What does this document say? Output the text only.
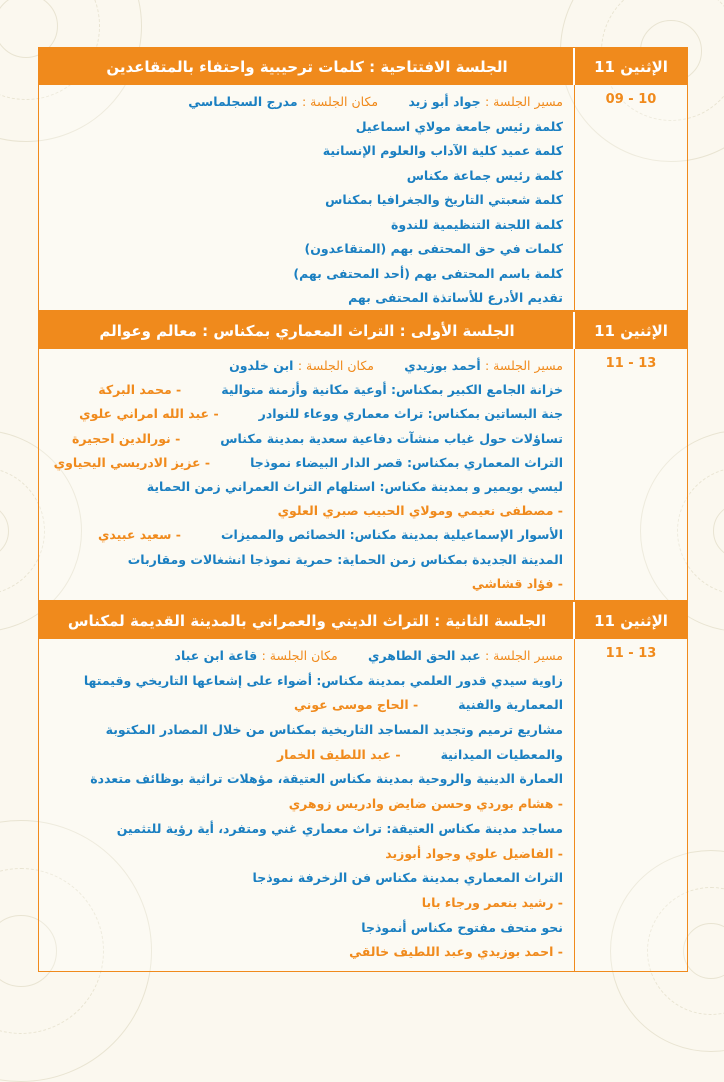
الإثنين 11
الجلسة الافتتاحية : كلمات ترحيبية واحتفاء بالمتقاعدين
09 - 10
مسير الجلسة : جواد أبو زيد مكان الجلسة : مدرج السجلماسي
كلمة رئيس جامعة مولاي اسماعيل
كلمة عميد كلية الآداب والعلوم الإنسانية
كلمة رئيس جماعة مكناس
كلمة شعبتي التاريخ والجغرافيا بمكناس
كلمة اللجنة التنظيمية للندوة
كلمات في حق المحتفى بهم (المتقاعدون)
كلمة باسم المحتفى بهم (أحد المحتفى بهم)
تقديم الأدرع للأساتذة المحتفى بهم
الإثنين 11
الجلسة الأولى : التراث المعماري بمكناس : معالم وعوالم
11 - 13
مسير الجلسة : أحمد بوزيدي مكان الجلسة : ابن خلدون
خزانة الجامع الكبير بمكناس: أوعية مكانية وأزمنة متوالية- محمد البركة
جنة البساتين بمكناس: تراث معماري ووعاء للنوادر- عبد الله امراني علوي
تساؤلات حول غياب منشآت دفاعية سعدية بمدينة مكناس- نورالدين احجيرة
التراث المعماري بمكناس: قصر الدار البيضاء نموذجا- عزيز الادريسي اليحياوي
ليسي بويمير و بمدينة مكناس: استلهام التراث العمراني زمن الحماية
- مصطفى نعيمي ومولاي الحبيب صبري العلوي
الأسوار الإسماعيلية بمدينة مكناس: الخصائص والمميزات- سعيد عبيدي
المدينة الجديدة بمكناس زمن الحماية: حمرية نموذجا انشغالات ومقاربات
- فؤاد قشاشي
الإثنين 11
الجلسة الثانية : التراث الديني والعمراني بالمدينة القديمة لمكناس
11 - 13
مسير الجلسة : عبد الحق الطاهري مكان الجلسة : قاعة ابن عباد
زاوية سيدي قدور العلمي بمدينة مكناس: أضواء على إشعاعها التاريخي وقيمتها
المعمارية والفنية- الحاج موسى عوني
مشاريع ترميم وتجديد المساجد التاريخية بمكناس من خلال المصادر المكتوبة
والمعطيات الميدانية- عبد اللطيف الخمار
العمارة الدينية والروحية بمدينة مكناس العتيقة، مؤهلات تراثية بوظائف متعددة
- هشام بوردي وحسن ضايض وادريس زوهري
مساجد مدينة مكناس العتيقة: تراث معماري غني ومتفرد، أية رؤية للتثمين
- الفاضيل علوي وجواد أبوزيد
التراث المعماري بمدينة مكناس فن الزخرفة نموذجا
- رشيد بنعمر ورجاء بابا
نحو متحف مفتوح مكناس أنموذجا
- احمد بوزيدي وعبد اللطيف خالقي
